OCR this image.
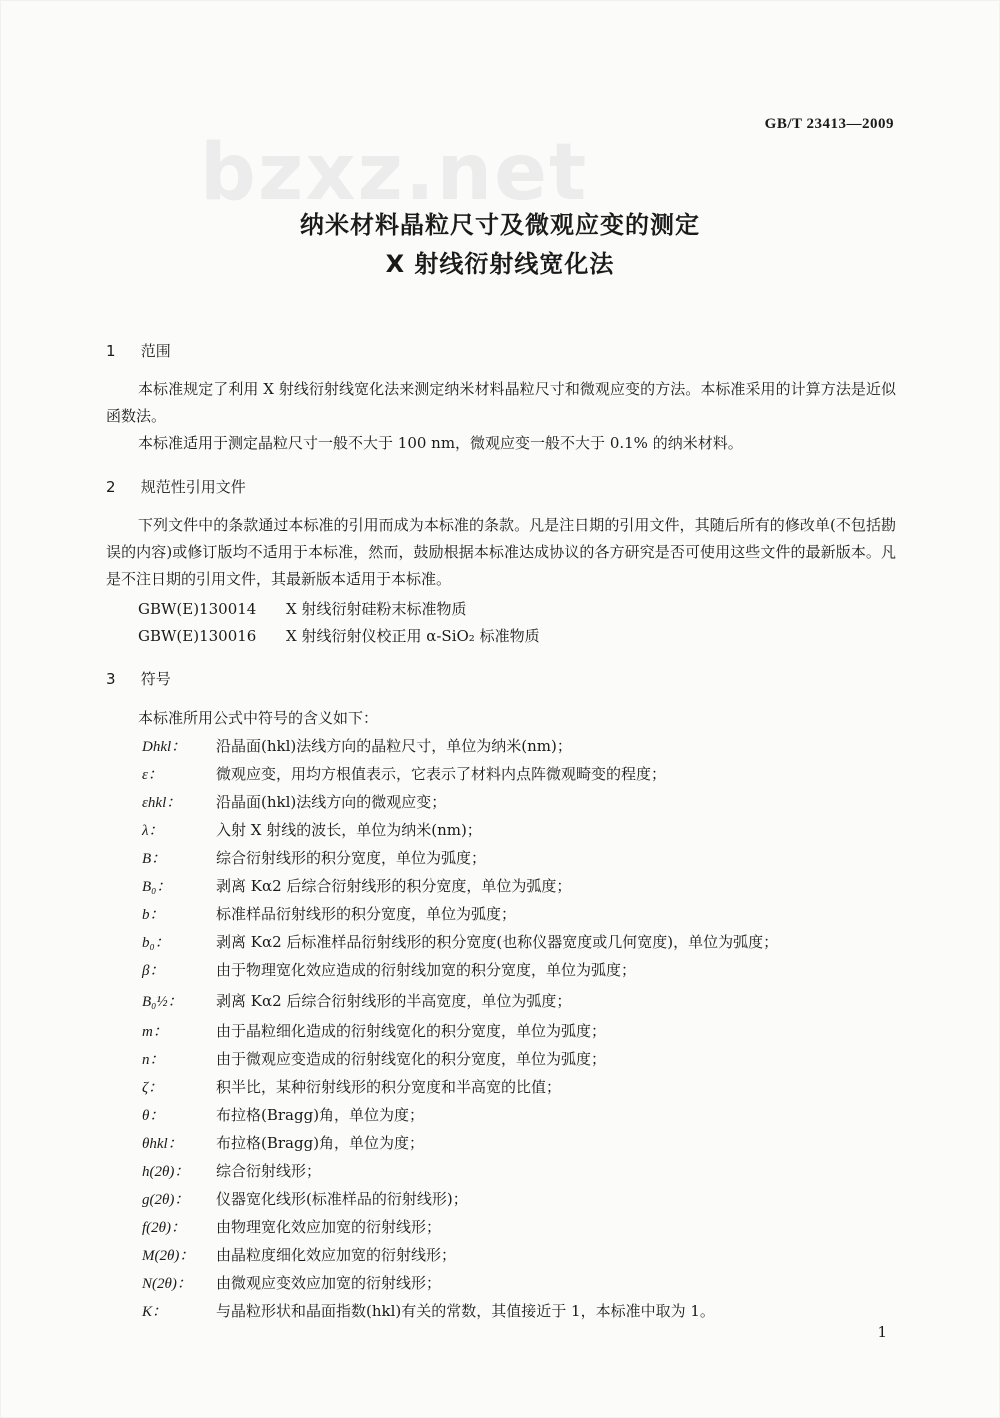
bzxz.net
GB/T 23413—2009
纳米材料晶粒尺寸及微观应变的测定
X 射线衍射线宽化法
1 范围
本标准规定了利用 X 射线衍射线宽化法来测定纳米材料晶粒尺寸和微观应变的方法。本标准采用的计算方法是近似函数法。
本标准适用于测定晶粒尺寸一般不大于 100 nm，微观应变一般不大于 0.1% 的纳米材料。
2 规范性引用文件
下列文件中的条款通过本标准的引用而成为本标准的条款。凡是注日期的引用文件，其随后所有的修改单(不包括勘误的内容)或修订版均不适用于本标准，然而，鼓励根据本标准达成协议的各方研究是否可使用这些文件的最新版本。凡是不注日期的引用文件，其最新版本适用于本标准。
GBW(E)130014 X 射线衍射硅粉末标准物质
GBW(E)130016 X 射线衍射仪校正用 α-SiO₂ 标准物质
3 符号
本标准所用公式中符号的含义如下：
Dhkl： 沿晶面(hkl)法线方向的晶粒尺寸，单位为纳米(nm)；
ε：	微观应变，用均方根值表示，它表示了材料内点阵微观畸变的程度；
εhkl： 沿晶面(hkl)法线方向的微观应变；
λ：	入射 X 射线的波长，单位为纳米(nm)；
B：	综合衍射线形的积分宽度，单位为弧度；
B₀：	剥离 Kα2 后综合衍射线形的积分宽度，单位为弧度；
b：	标准样品衍射线形的积分宽度，单位为弧度；
b₀：	剥离 Kα2 后标准样品衍射线形的积分宽度(也称仪器宽度或几何宽度)，单位为弧度；
β：	由于物理宽化效应造成的衍射线加宽的积分宽度，单位为弧度；
B₀½： 剥离 Kα2 后综合衍射线形的半高宽度，单位为弧度；
m：	由于晶粒细化造成的衍射线宽化的积分宽度，单位为弧度；
n：	由于微观应变造成的衍射线宽化的积分宽度，单位为弧度；
ζ：	积半比，某种衍射线形的积分宽度和半高宽的比值；
θ：	布拉格(Bragg)角，单位为度；
θhkl： 布拉格(Bragg)角，单位为度；
h(2θ)： 综合衍射线形；
g(2θ)： 仪器宽化线形(标准样品的衍射线形)；
f(2θ)： 由物理宽化效应加宽的衍射线形；
M(2θ)： 由晶粒度细化效应加宽的衍射线形；
N(2θ)： 由微观应变效应加宽的衍射线形；
K：	与晶粒形状和晶面指数(hkl)有关的常数，其值接近于 1，本标准中取为 1。
1
